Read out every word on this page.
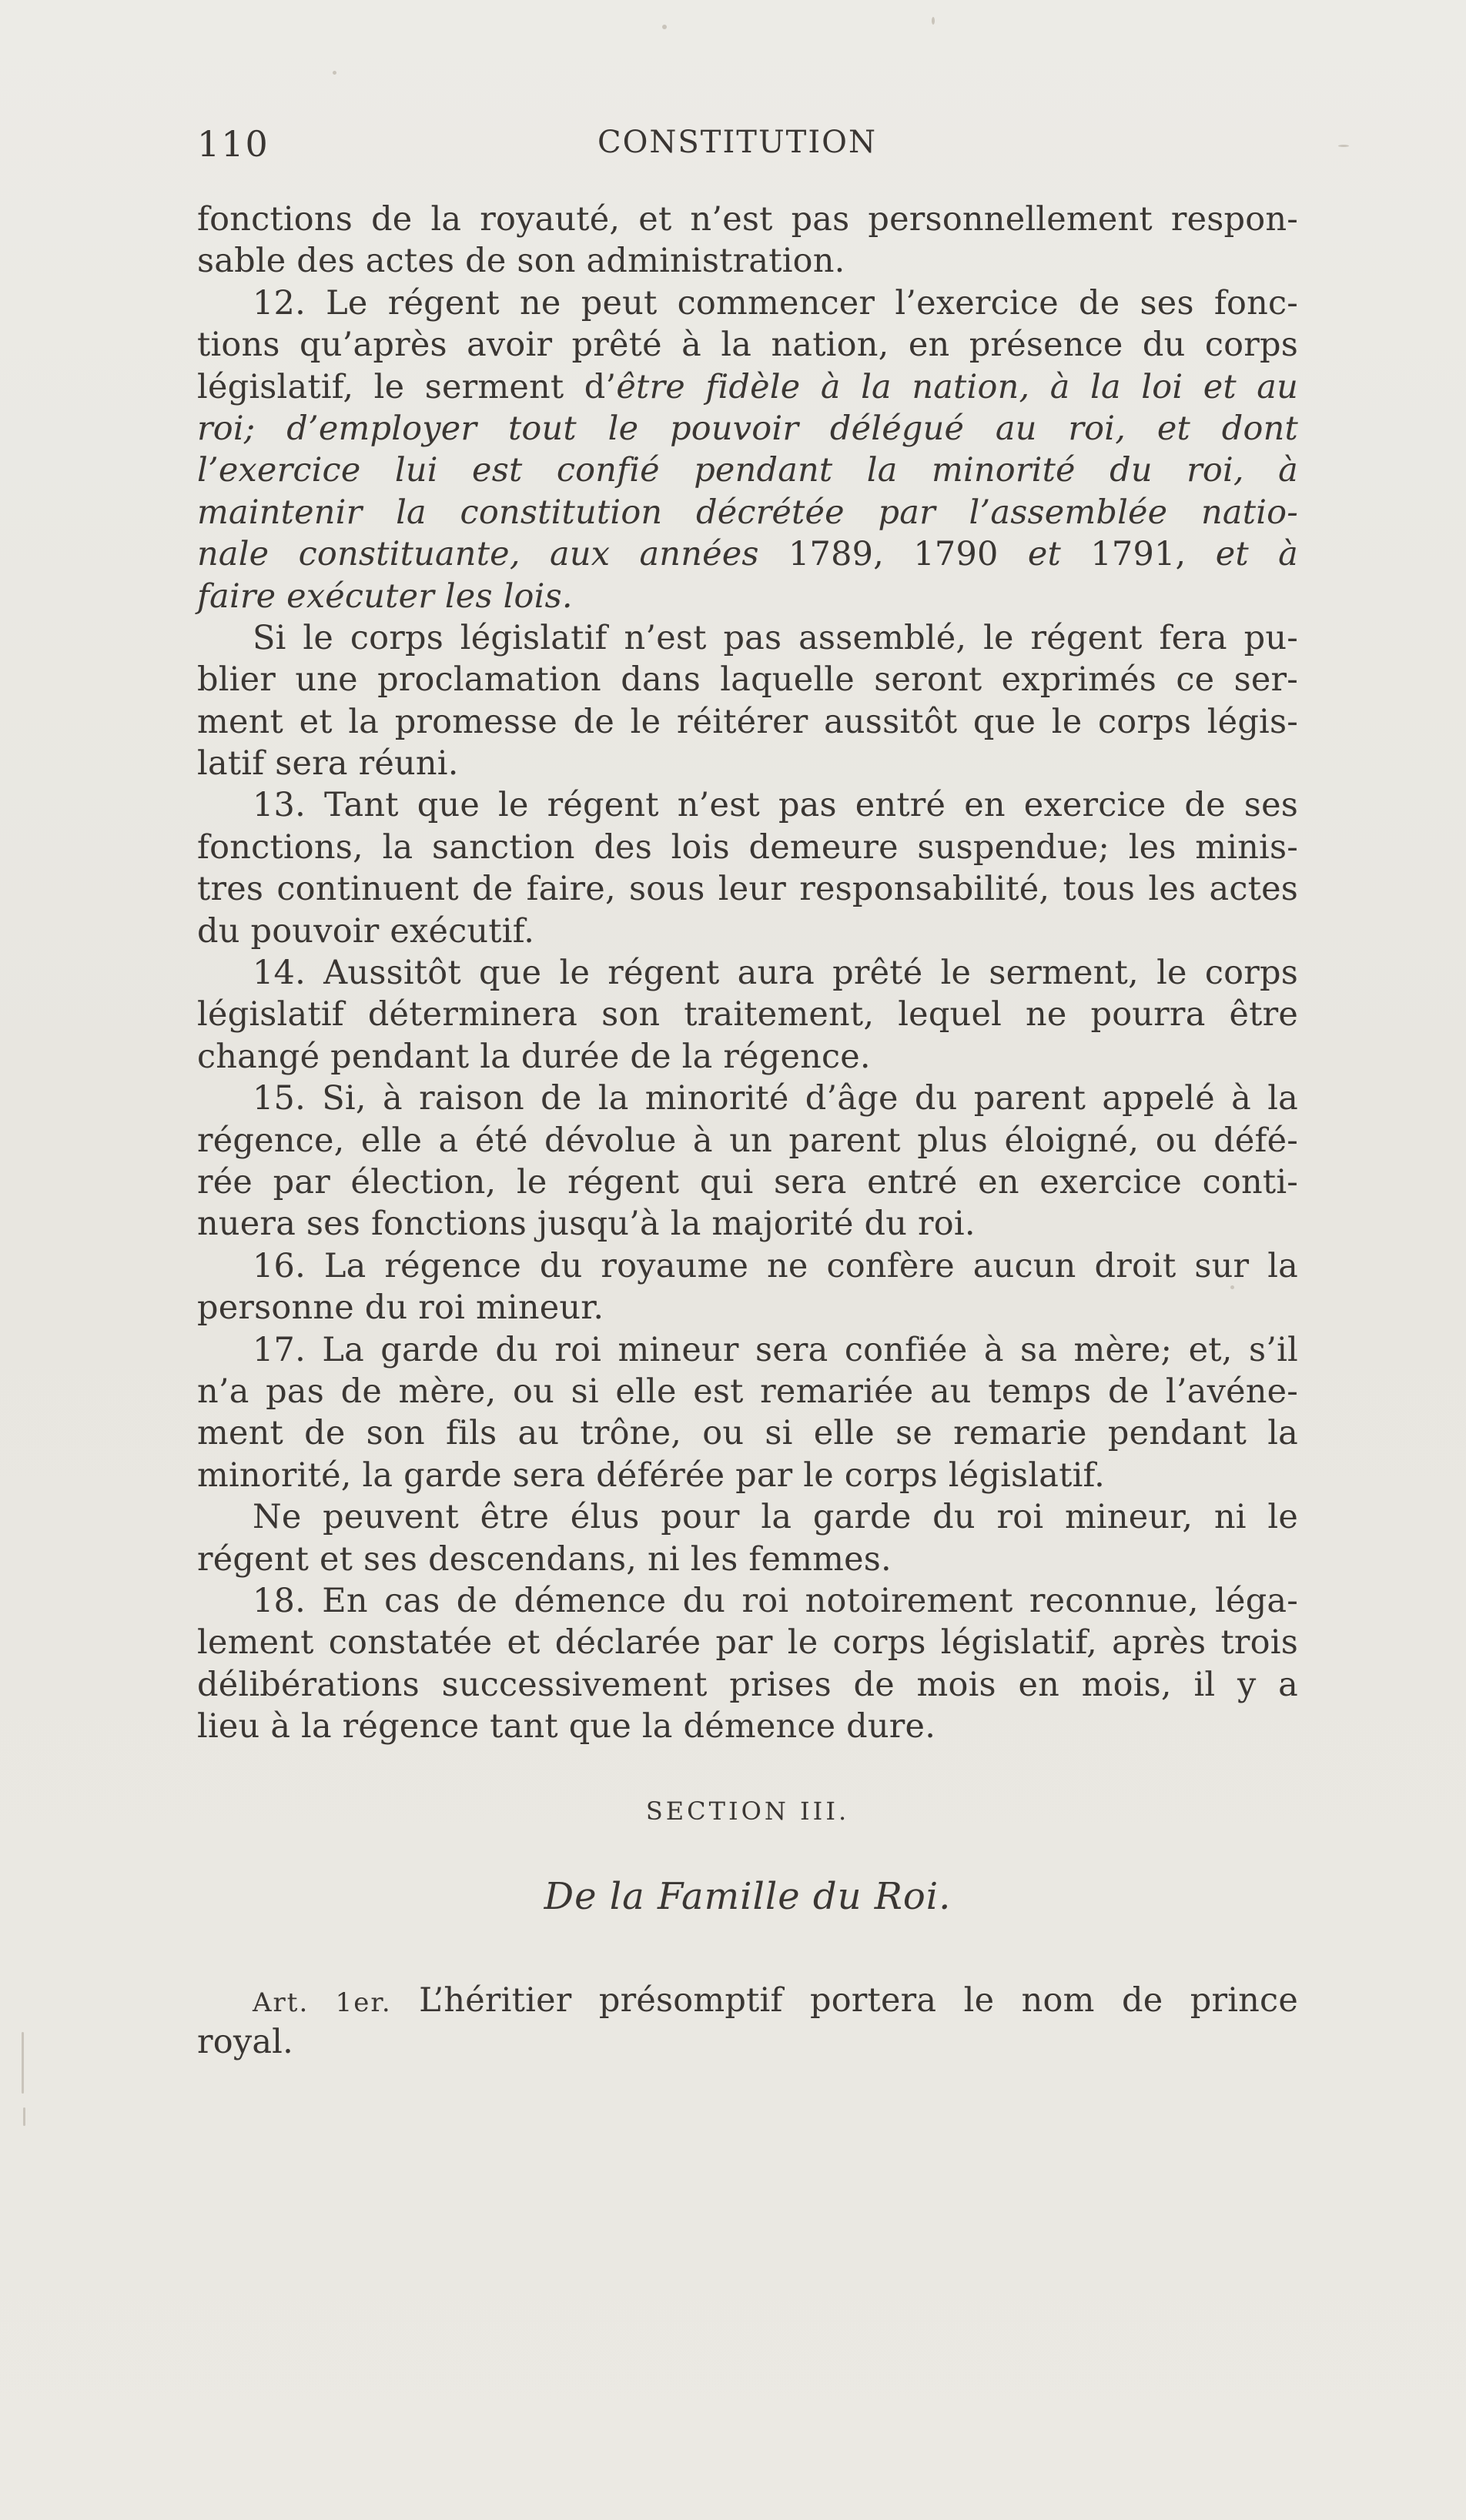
110	CONSTITUTION
fonctions de la royauté, et n’est pas personnellement respon-
sable des actes de son administration.
12. Le régent ne peut commencer l’exercice de ses fonc-
tions qu’après avoir prêté à la nation, en présence du corps
législatif, le serment d’être fidèle à la nation, à la loi et au
roi; d’employer tout le pouvoir délégué au roi, et dont
l’exercice lui est confié pendant la minorité du roi, à
maintenir la constitution décrétée par l’assemblée natio-
nale constituante, aux années 1789, 1790 et 1791, et à
faire exécuter les lois.
Si le corps législatif n’est pas assemblé, le régent fera pu-
blier une proclamation dans laquelle seront exprimés ce ser-
ment et la promesse de le réitérer aussitôt que le corps légis-
latif sera réuni.
13. Tant que le régent n’est pas entré en exercice de ses
fonctions, la sanction des lois demeure suspendue; les minis-
tres continuent de faire, sous leur responsabilité, tous les actes
du pouvoir exécutif.
14. Aussitôt que le régent aura prêté le serment, le corps
législatif déterminera son traitement, lequel ne pourra être
changé pendant la durée de la régence.
15. Si, à raison de la minorité d’âge du parent appelé à la
régence, elle a été dévolue à un parent plus éloigné, ou défé-
rée par élection, le régent qui sera entré en exercice conti-
nuera ses fonctions jusqu’à la majorité du roi.
16. La régence du royaume ne confère aucun droit sur la
personne du roi mineur.
17. La garde du roi mineur sera confiée à sa mère; et, s’il
n’a pas de mère, ou si elle est remariée au temps de l’avéne-
ment de son fils au trône, ou si elle se remarie pendant la
minorité, la garde sera déférée par le corps législatif.
Ne peuvent être élus pour la garde du roi mineur, ni le
régent et ses descendans, ni les femmes.
18. En cas de démence du roi notoirement reconnue, léga-
lement constatée et déclarée par le corps législatif, après trois
délibérations successivement prises de mois en mois, il y a
lieu à la régence tant que la démence dure.
SECTION III.
De la Famille du Roi.
Art. 1er. L’héritier présomptif portera le nom de prince
royal.
